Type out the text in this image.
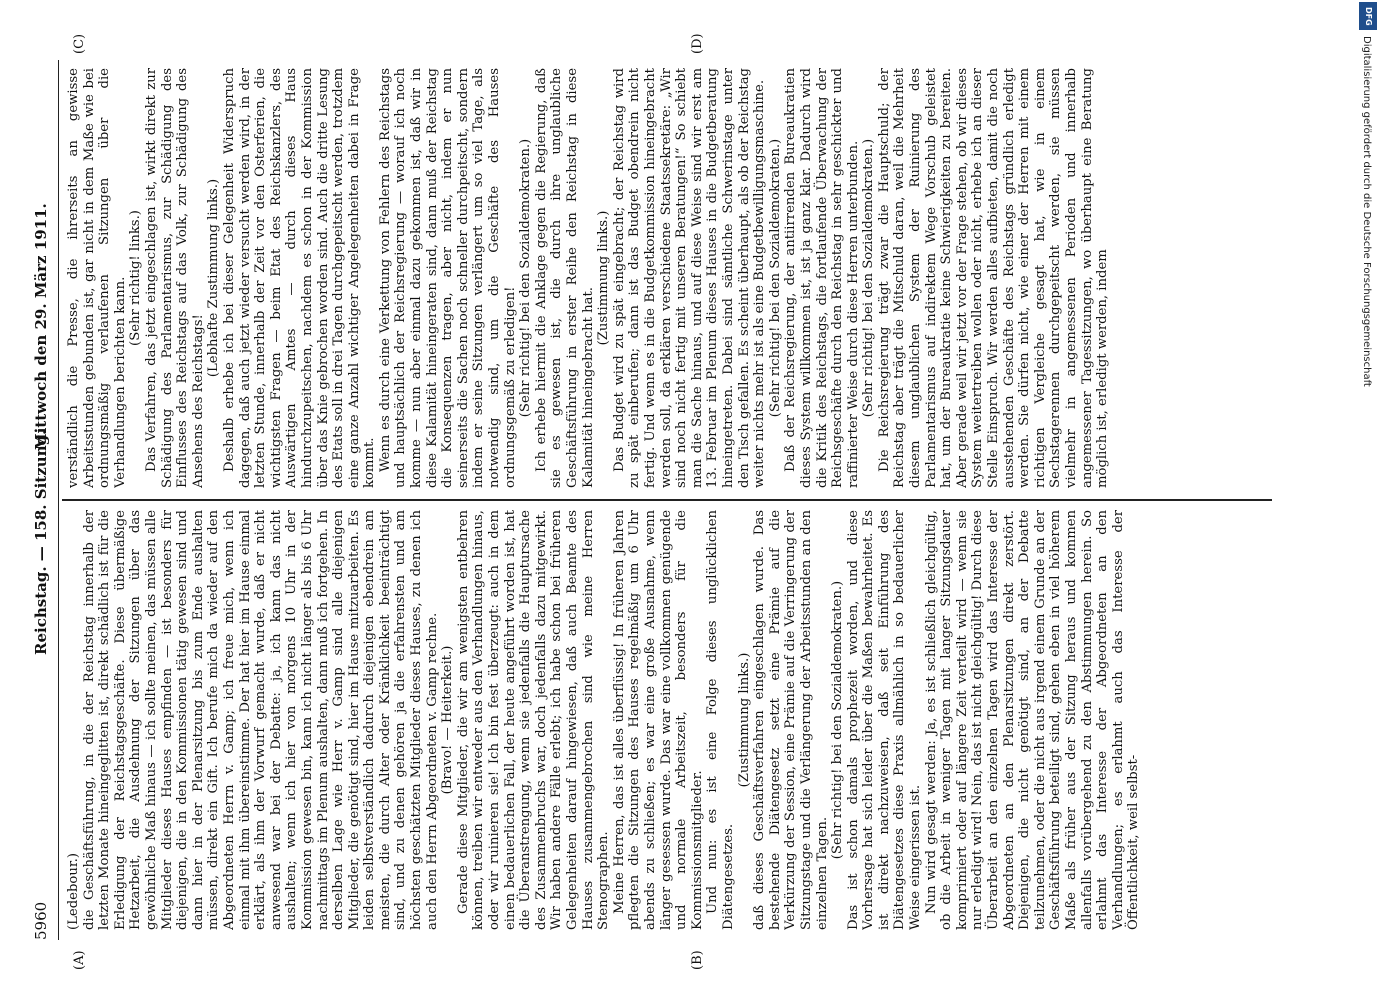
5960
Reichstag. — 158. Sitzung.
Mittwoch den 29. März 1911.
(A)	(B)
(C)	(D)

(Ledebour.) die Geschäftsführung, in die der Reichstag innerhalb der letzten Monate hineingeglitten ist, direkt schädlich ist für die Erledigung der Reichstagsgeschäfte. Diese übermäßige Hetzarbeit, die Ausdehnung der Sitzungen über das gewöhnliche Maß hinaus — ich sollte meinen, das müssen alle Mitglieder dieses Hauses empfinden — ist besonders für diejenigen, die in den Kommissionen tätig gewesen sind und dann hier in der Plenarsitzung bis zum Ende aushalten müssen, direkt ein Gift. Ich berufe mich da wieder auf den Abgeordneten Herrn v. Gamp; ich freue mich, wenn ich einmal mit ihm übereinstimme. Der hat hier im Hause einmal erklärt, als ihm der Vorwurf gemacht wurde, daß er nicht anwesend war bei der Debatte: ja, ich kann das nicht aushalten; wenn ich hier von morgens 10 Uhr in der Kommission gewesen bin, kann ich nicht länger als bis 6 Uhr nachmittags im Plenum aushalten, dann muß ich fortgehen. In derselben Lage wie Herr v. Gamp sind alle diejenigen Mitglieder, die genötigt sind, hier im Hause mitzuarbeiten. Es leiden selbstverständlich dadurch diejenigen ebendrein am meisten, die durch Alter oder Kränklichkeit beeinträchtigt sind, und zu denen gehören ja die erfahrensten und am höchsten geschätzten Mitglieder dieses Hauses, zu denen ich auch den Herrn Abgeordneten v. Gamp rechne. (Bravo! — Heiterkeit.) Gerade diese Mitglieder, die wir am wenigsten entbehren können, treiben wir entweder aus den Verhandlungen hinaus, oder wir ruinieren sie! Ich bin fest überzeugt: auch in dem einen bedauerlichen Fall, der heute angeführt worden ist, hat die Überanstrengung, wenn sie jedenfalls die Hauptursache des Zusammenbruchs war, doch jedenfalls dazu mitgewirkt. Wir haben andere Fälle erlebt; ich habe schon bei früheren Gelegenheiten darauf hingewiesen, daß auch Beamte des Hauses zusammengebrochen sind wie meine Herren Stenographen. Meine Herren, das ist alles überflüssig! In früheren Jahren pflegten die Sitzungen des Hauses regelmäßig um 6 Uhr abends zu schließen; es war eine große Ausnahme, wenn länger gesessen wurde. Das war eine vollkommen genügende und normale Arbeitszeit, besonders für die Kommissionsmitglieder. Und nun: es ist eine Folge dieses unglücklichen Diätengesetzes.

(Zustimmung links.) daß dieses Geschäftsverfahren eingeschlagen wurde. Das bestehende Diätengesetz setzt eine Prämie auf die Verkürzung der Session, eine Prämie auf die Verringerung der Sitzungstage und die Verlängerung der Arbeitsstunden an den einzelnen Tagen.

(Sehr richtig! bei den Sozialdemokraten.) Das ist schon damals prophezeit worden, und diese Vorhersage hat sich leider über die Maßen bewahrheitet. Es ist direkt nachzuweisen, daß seit Einführung des Diätengesetzes diese Praxis allmählich in so bedauerlicher Weise eingerissen ist. Nun wird gesagt werden: Ja, es ist schließlich gleichgültig, ob die Arbeit in weniger Tagen mit langer Sitzungsdauer komprimiert oder auf längere Zeit verteilt wird — wenn sie nur erledigt wird! Nein, das ist nicht gleichgültig! Durch diese Überarbeit an den einzelnen Tagen wird das Interesse der Abgeordneten an den Plenarsitzungen direkt zerstört. Diejenigen, die nicht genötigt sind, an der Debatte teilzunehmen, oder die nicht aus irgend einem Grunde an der Geschäftsführung beteiligt sind, gehen eben in viel höherem Maße als früher aus der Sitzung heraus und kommen allenfalls vorübergehend zu den Abstimmungen herein. So erlahmt das Interesse der Abgeordneten an den Verhandlungen; es erlahmt auch das Interesse der Öffentlichkeit, weil selbst-

verständlich die Presse, die ihrerseits an gewisse Arbeitsstunden gebunden ist, gar nicht in dem Maße wie bei ordnungsmäßig verlaufenen Sitzungen über die Verhandlungen berichten kann. (Sehr richtig! links.) Das Verfahren, das jetzt eingeschlagen ist, wirkt direkt zur Schädigung des Parlamentarismus, zur Schädigung des Einflusses des Reichstags auf das Volk, zur Schädigung des Ansehens des Reichstags!

(Lebhafte Zustimmung links.) Deshalb erhebe ich bei dieser Gelegenheit Widerspruch dagegen, daß auch jetzt wieder versucht werden wird, in der letzten Stunde, innerhalb der Zeit vor den Osterferien, die wichtigsten Fragen — beim Etat des Reichskanzlers, des Auswärtigen Amtes — durch dieses Haus hindurchzupeitschen, nachdem es schon in der Kommission über das Knie gebrochen worden sind. Auch die dritte Lesung des Etats soll in drei Tagen durchgepeitscht werden, trotzdem eine ganze Anzahl wichtiger Angelegenheiten dabei in Frage kommt. Wenn es durch eine Verkettung von Fehlern des Reichstags und hauptsächlich der Reichsregierung — worauf ich noch komme — nun aber einmal dazu gekommen ist, daß wir in diese Kalamität hineingeraten sind, dann muß der Reichstag die Konsequenzen tragen, aber nicht, indem er nun seinerseits die Sachen noch schneller durchpeitscht, sondern indem er seine Sitzungen verlängert um so viel Tage, als notwendig sind, um die Geschäfte des Hauses ordnungsgemäß zu erledigen! (Sehr richtig! bei den Sozialdemokraten.) Ich erhebe hiermit die Anklage gegen die Regierung, daß sie es gewesen ist, die durch ihre unglaubliche Geschäftsführung in erster Reihe den Reichstag in diese Kalamität hineingebracht hat.

(Zustimmung links.) Das Budget wird zu spät eingebracht; der Reichstag wird zu spät einberufen; dann ist das Budget obendrein nicht fertig. Und wenn es in die Budgetkommission hineingebracht werden soll, da erklären verschiedene Staatssekretäre: „Wir sind noch nicht fertig mit unseren Beratungen!“ So schiebt man die Sache hinaus, und auf diese Weise sind wir erst am 13. Februar im Plenum dieses Hauses in die Budgetberatung hineingetreten. Dabei sind sämtliche Schwerinstage unter den Tisch gefallen. Es scheint überhaupt, als ob der Reichstag weiter nichts mehr ist als eine Budgetbewilligungsmaschine. (Sehr richtig! bei den Sozialdemokraten.) Daß der Reichsregierung, der antiirrenden Bureaukratien dieses System willkommen ist, ist ja ganz klar. Dadurch wird die Kritik des Reichstags, die fortlaufende Überwachung der Reichsgeschäfte durch den Reichstag in sehr geschickter und raffinierter Weise durch diese Herren unterbunden. (Sehr richtig! bei den Sozialdemokraten.) Die Reichsregierung trägt zwar die Hauptschuld; der Reichstag aber trägt die Mitschuld daran, weil die Mehrheit diesem unglaublichen System der Ruinierung des Parlamentarismus auf indirektem Wege Vorschub geleistet hat, um der Bureaukratie keine Schwierigkeiten zu bereiten. Aber gerade weil wir jetzt vor der Frage stehen, ob wir dieses System weitertreiben wollen oder nicht, erhebe ich an dieser Stelle Einspruch. Wir werden alles aufbieten, damit die noch ausstehenden Geschäfte des Reichstags gründlich erledigt werden. Sie dürfen nicht, wie einer der Herren mit einem richtigen Vergleiche gesagt hat, wie in einem Sechstagerennen durchgepeitscht werden, sie müssen vielmehr in angemessenen Perioden und innerhalb angemessener Tagessitzungen, wo überhaupt eine Beratung möglich ist, erledigt werden, indem

DFG
Digitalisierung gefördert durch die Deutsche Forschungsgemeinschaft
